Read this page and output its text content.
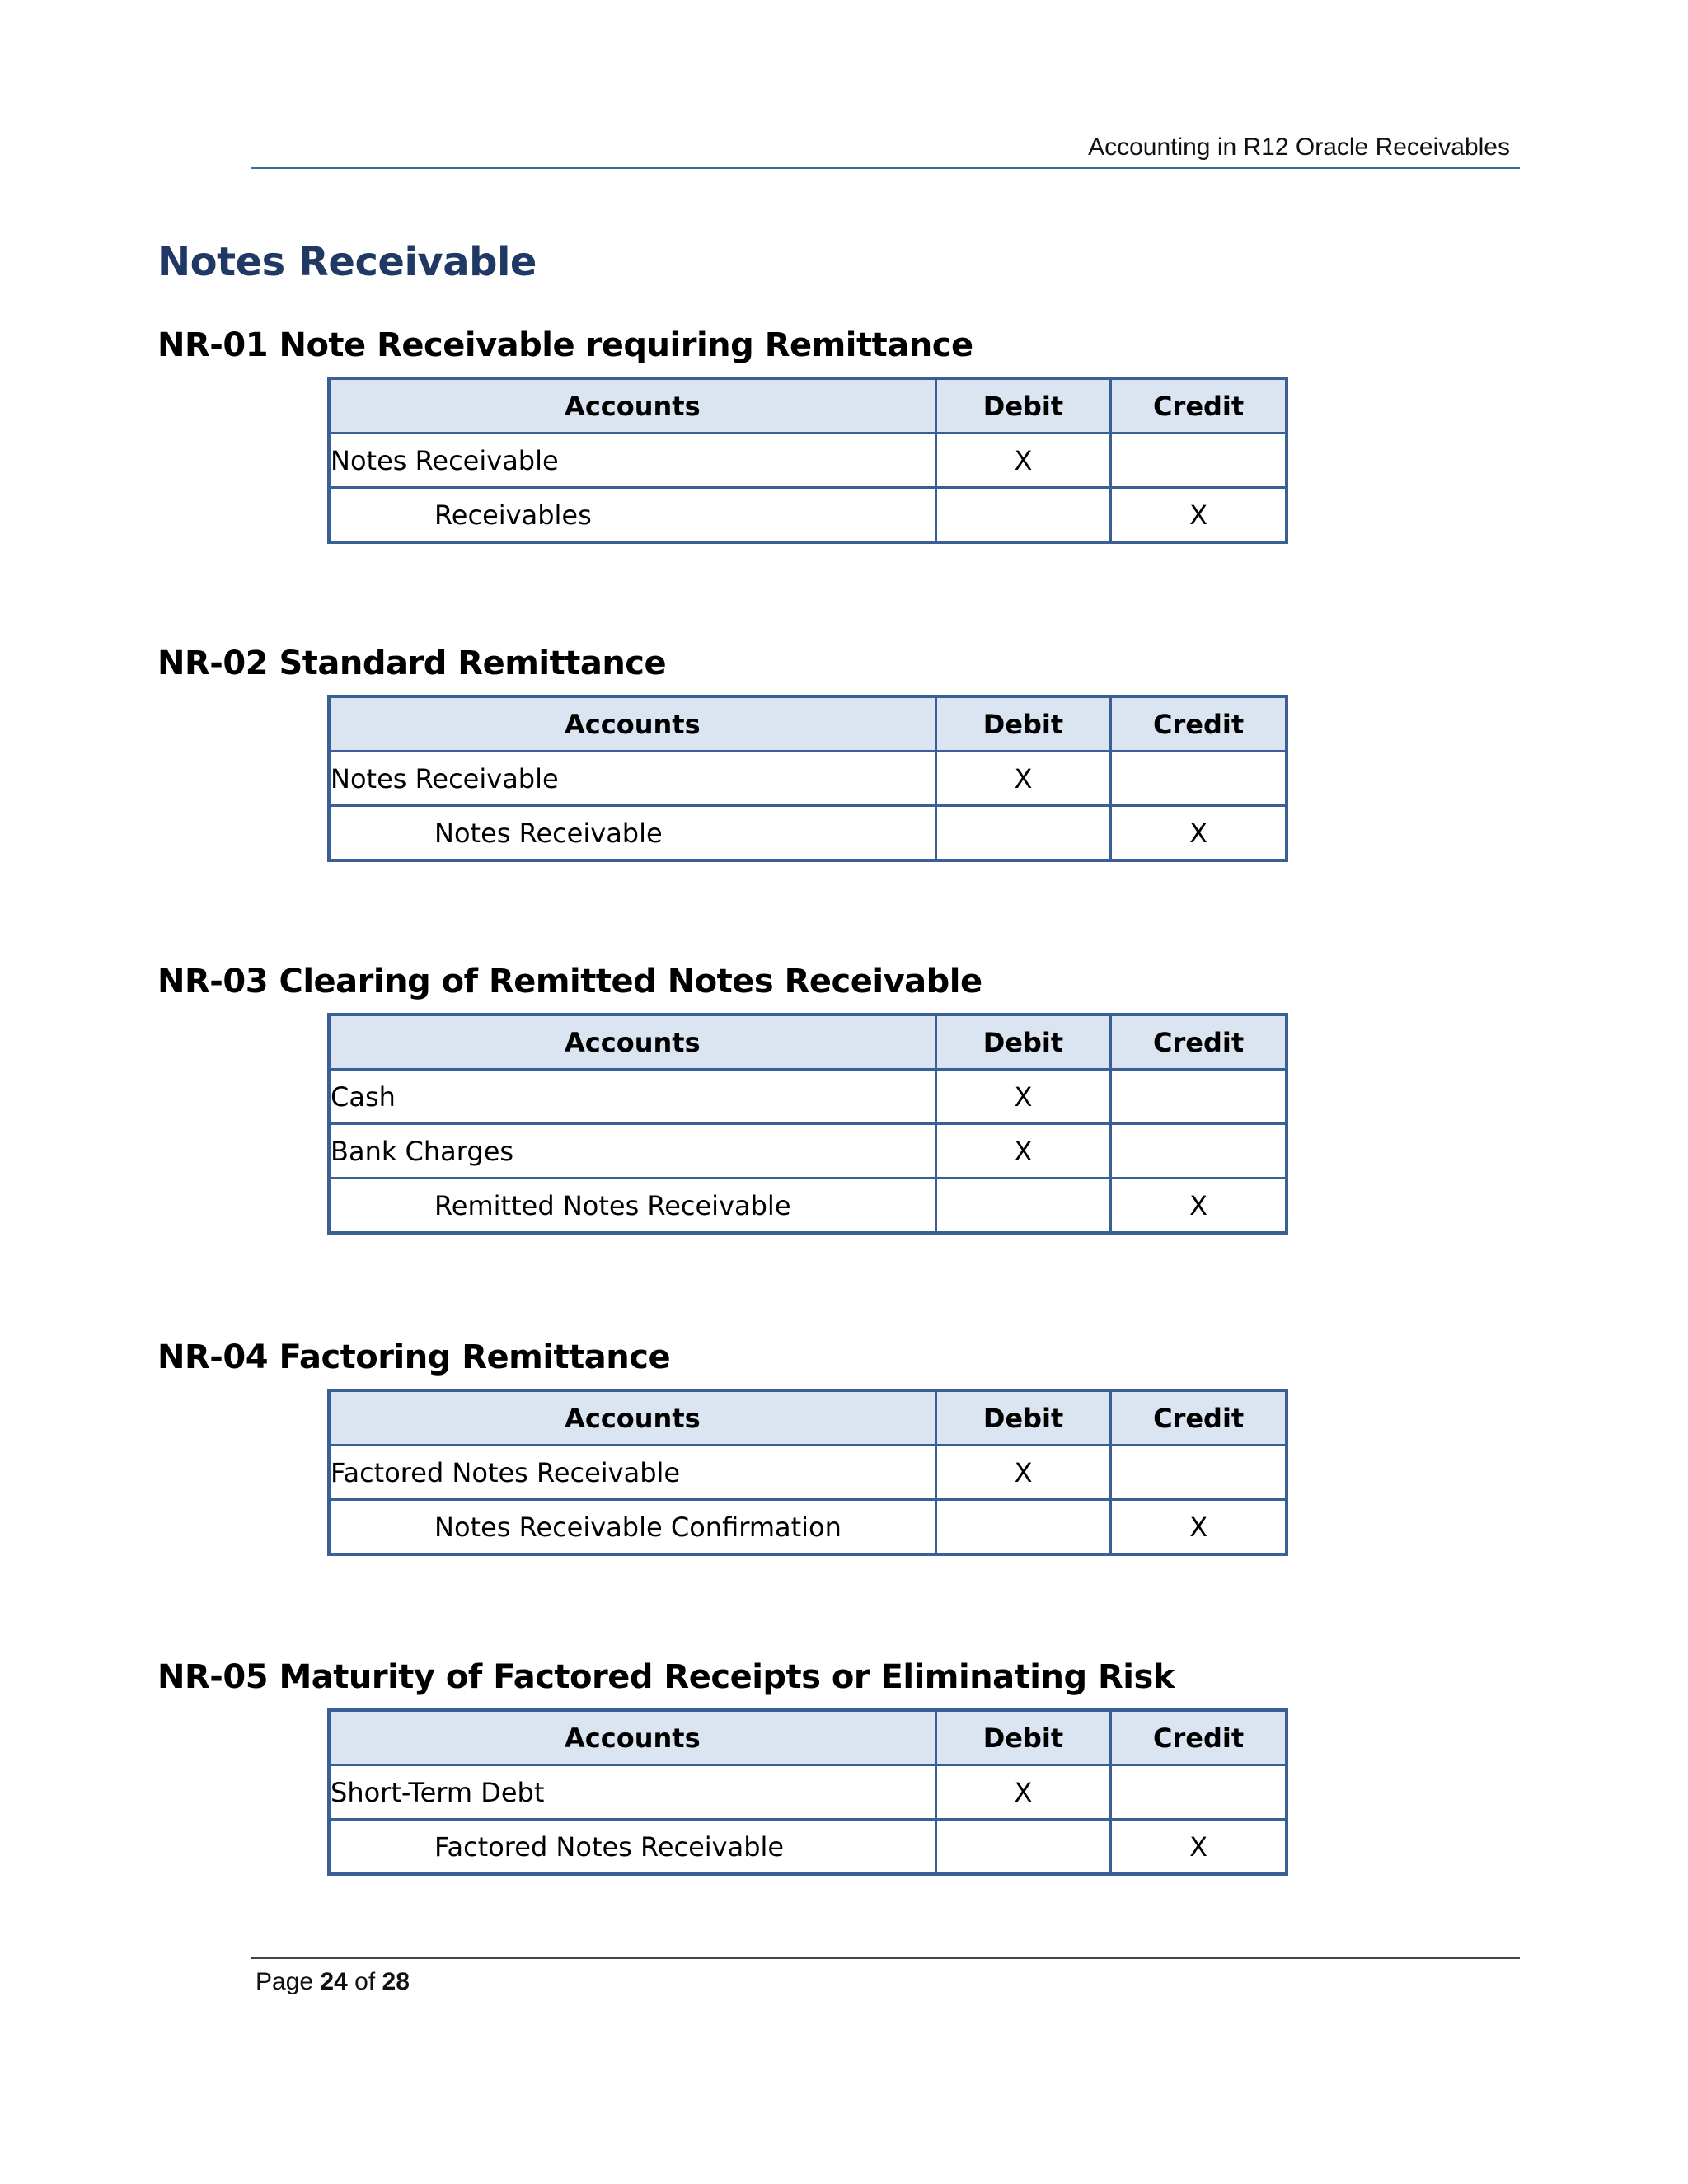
Accounting in R12 Oracle Receivables
Notes Receivable
NR-01 Note Receivable requiring Remittance
Accounts	Debit	Credit
Notes Receivable	X	
Receivables		X
NR-02 Standard Remittance
Accounts	Debit	Credit
Notes Receivable	X	
Notes Receivable		X
NR-03 Clearing of Remitted Notes Receivable
Accounts	Debit	Credit
Cash	X	
Bank Charges	X	
Remitted Notes Receivable		X
NR-04 Factoring Remittance
Accounts	Debit	Credit
Factored Notes Receivable	X	
Notes Receivable Confirmation		X
NR-05 Maturity of Factored Receipts or Eliminating Risk
Accounts	Debit	Credit
Short-Term Debt	X	
Factored Notes Receivable		X
Page 24 of 28
